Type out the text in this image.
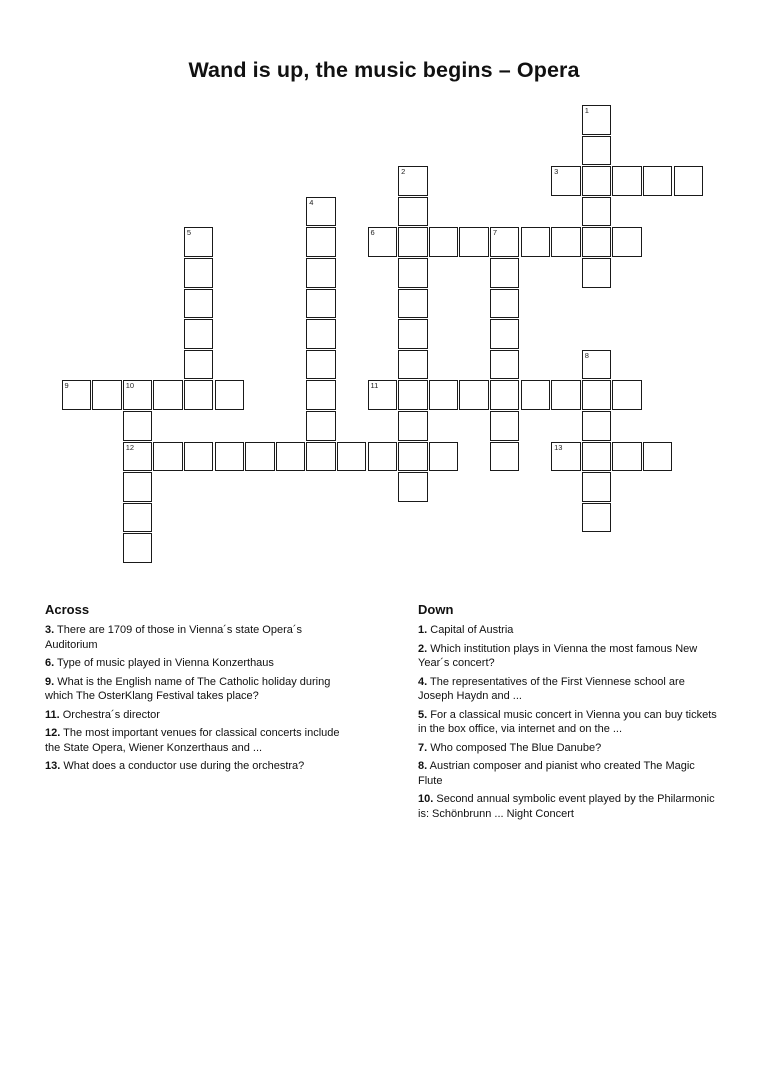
Wand is up, the music begins – Opera
3
6	7
9	10	11
12	13
1
2
4
5
8
Across
3. There are 1709 of those in Vienna´s state Opera´s Auditorium
6. Type of music played in Vienna Konzerthaus
9. What is the English name of The Catholic holiday during which The OsterKlang Festival takes place?
11. Orchestra´s director
12. The most important venues for classical concerts include the State Opera, Wiener Konzerthaus and ...
13. What does a conductor use during the orchestra?
Down
1. Capital of Austria
2. Which institution plays in Vienna the most famous New Year´s concert?
4. The representatives of the First Viennese school are Joseph Haydn and ...
5. For a classical music concert in Vienna you can buy tickets in the box office, via internet and on the ...
7. Who composed The Blue Danube?
8. Austrian composer and pianist who created The Magic Flute
10. Second annual symbolic event played by the Philarmonic is: Schönbrunn ... Night Concert
